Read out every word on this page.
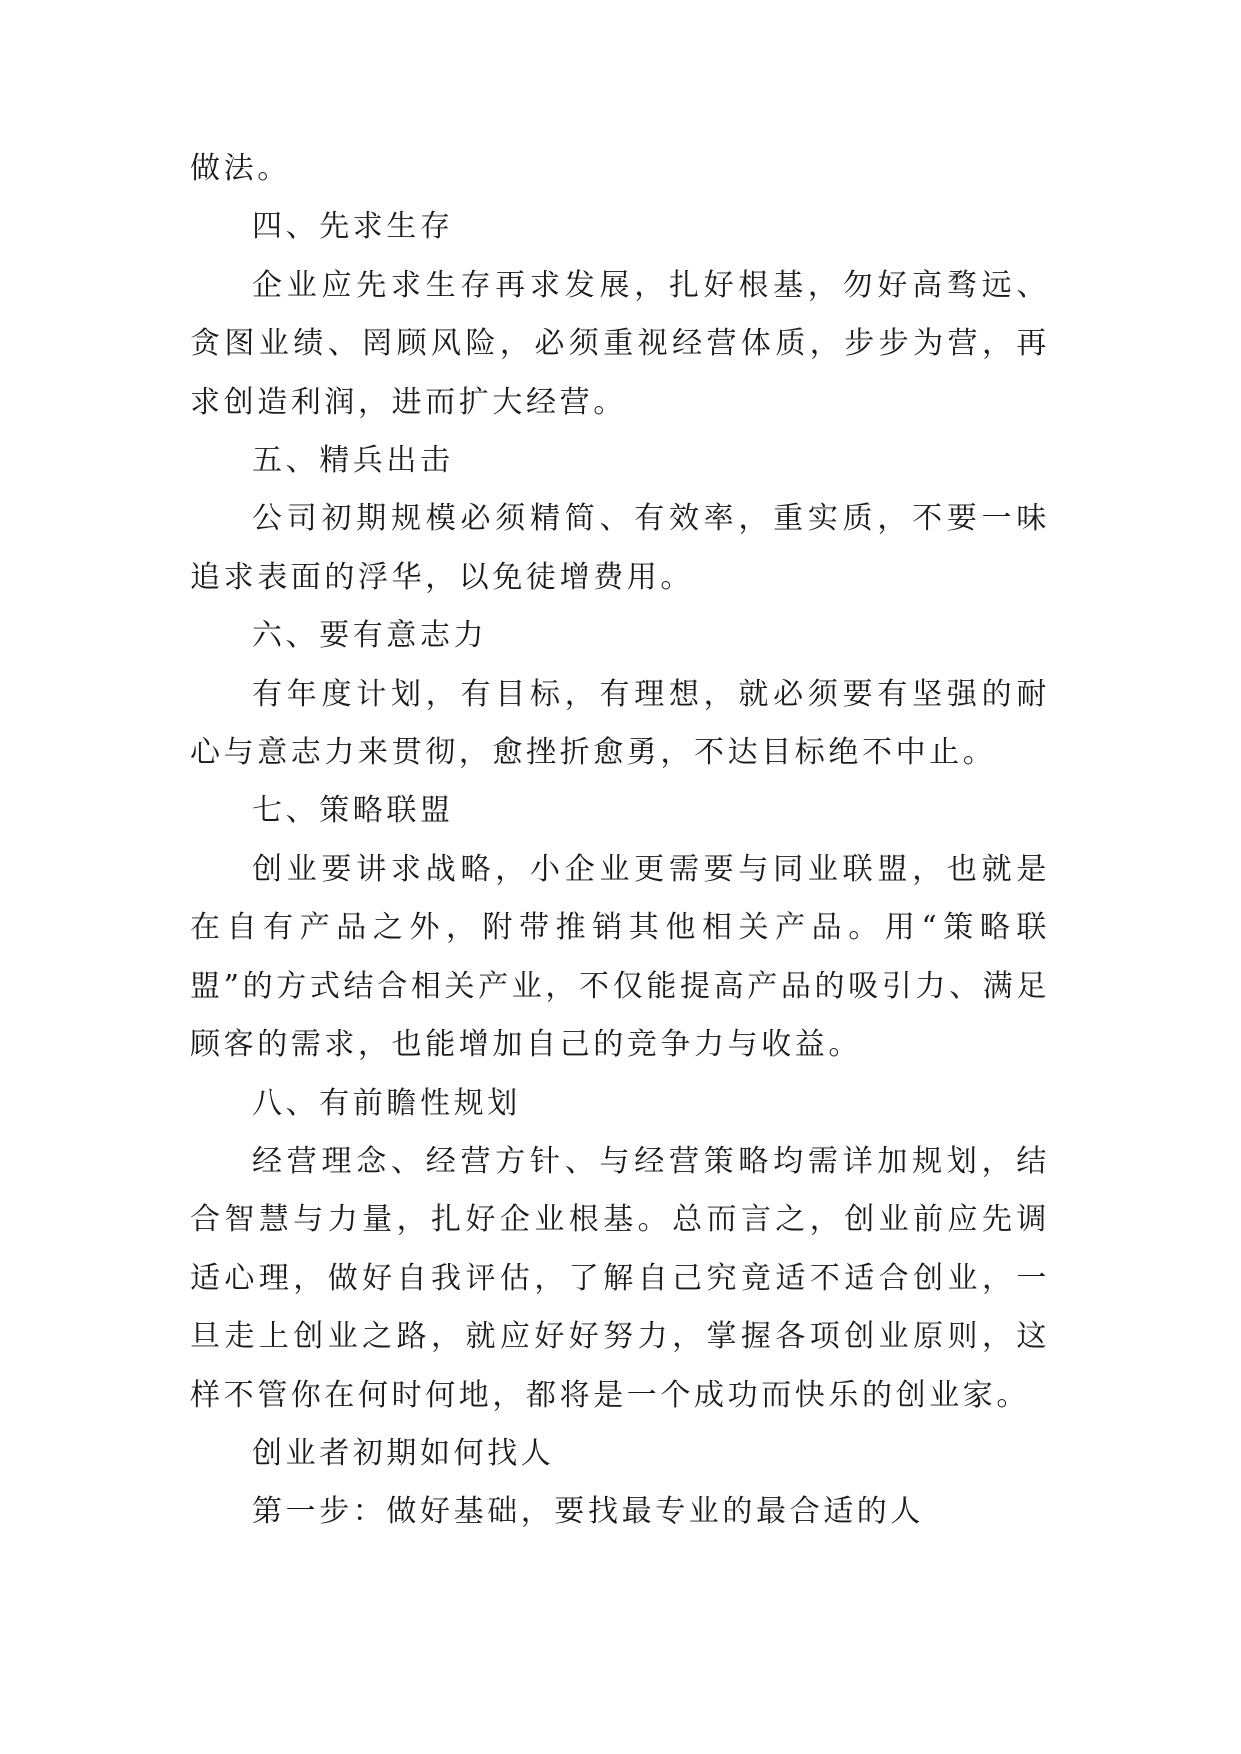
做法。

四、先求生存

企业应先求生存再求发展，扎好根基，勿好高骛远、贪图业绩、罔顾风险，必须重视经营体质，步步为营，再求创造利润，进而扩大经营。

五、精兵出击

公司初期规模必须精简、有效率，重实质，不要一味追求表面的浮华，以免徒增费用。

六、要有意志力

有年度计划，有目标，有理想，就必须要有坚强的耐心与意志力来贯彻，愈挫折愈勇，不达目标绝不中止。

七、策略联盟

创业要讲求战略，小企业更需要与同业联盟，也就是在自有产品之外，附带推销其他相关产品。用“策略联盟”的方式结合相关产业，不仅能提高产品的吸引力、满足顾客的需求，也能增加自己的竞争力与收益。

八、有前瞻性规划

经营理念、经营方针、与经营策略均需详加规划，结合智慧与力量，扎好企业根基。总而言之，创业前应先调适心理，做好自我评估，了解自己究竟适不适合创业，一旦走上创业之路，就应好好努力，掌握各项创业原则，这样不管你在何时何地，都将是一个成功而快乐的创业家。

创业者初期如何找人

第一步：做好基础，要找最专业的最合适的人
